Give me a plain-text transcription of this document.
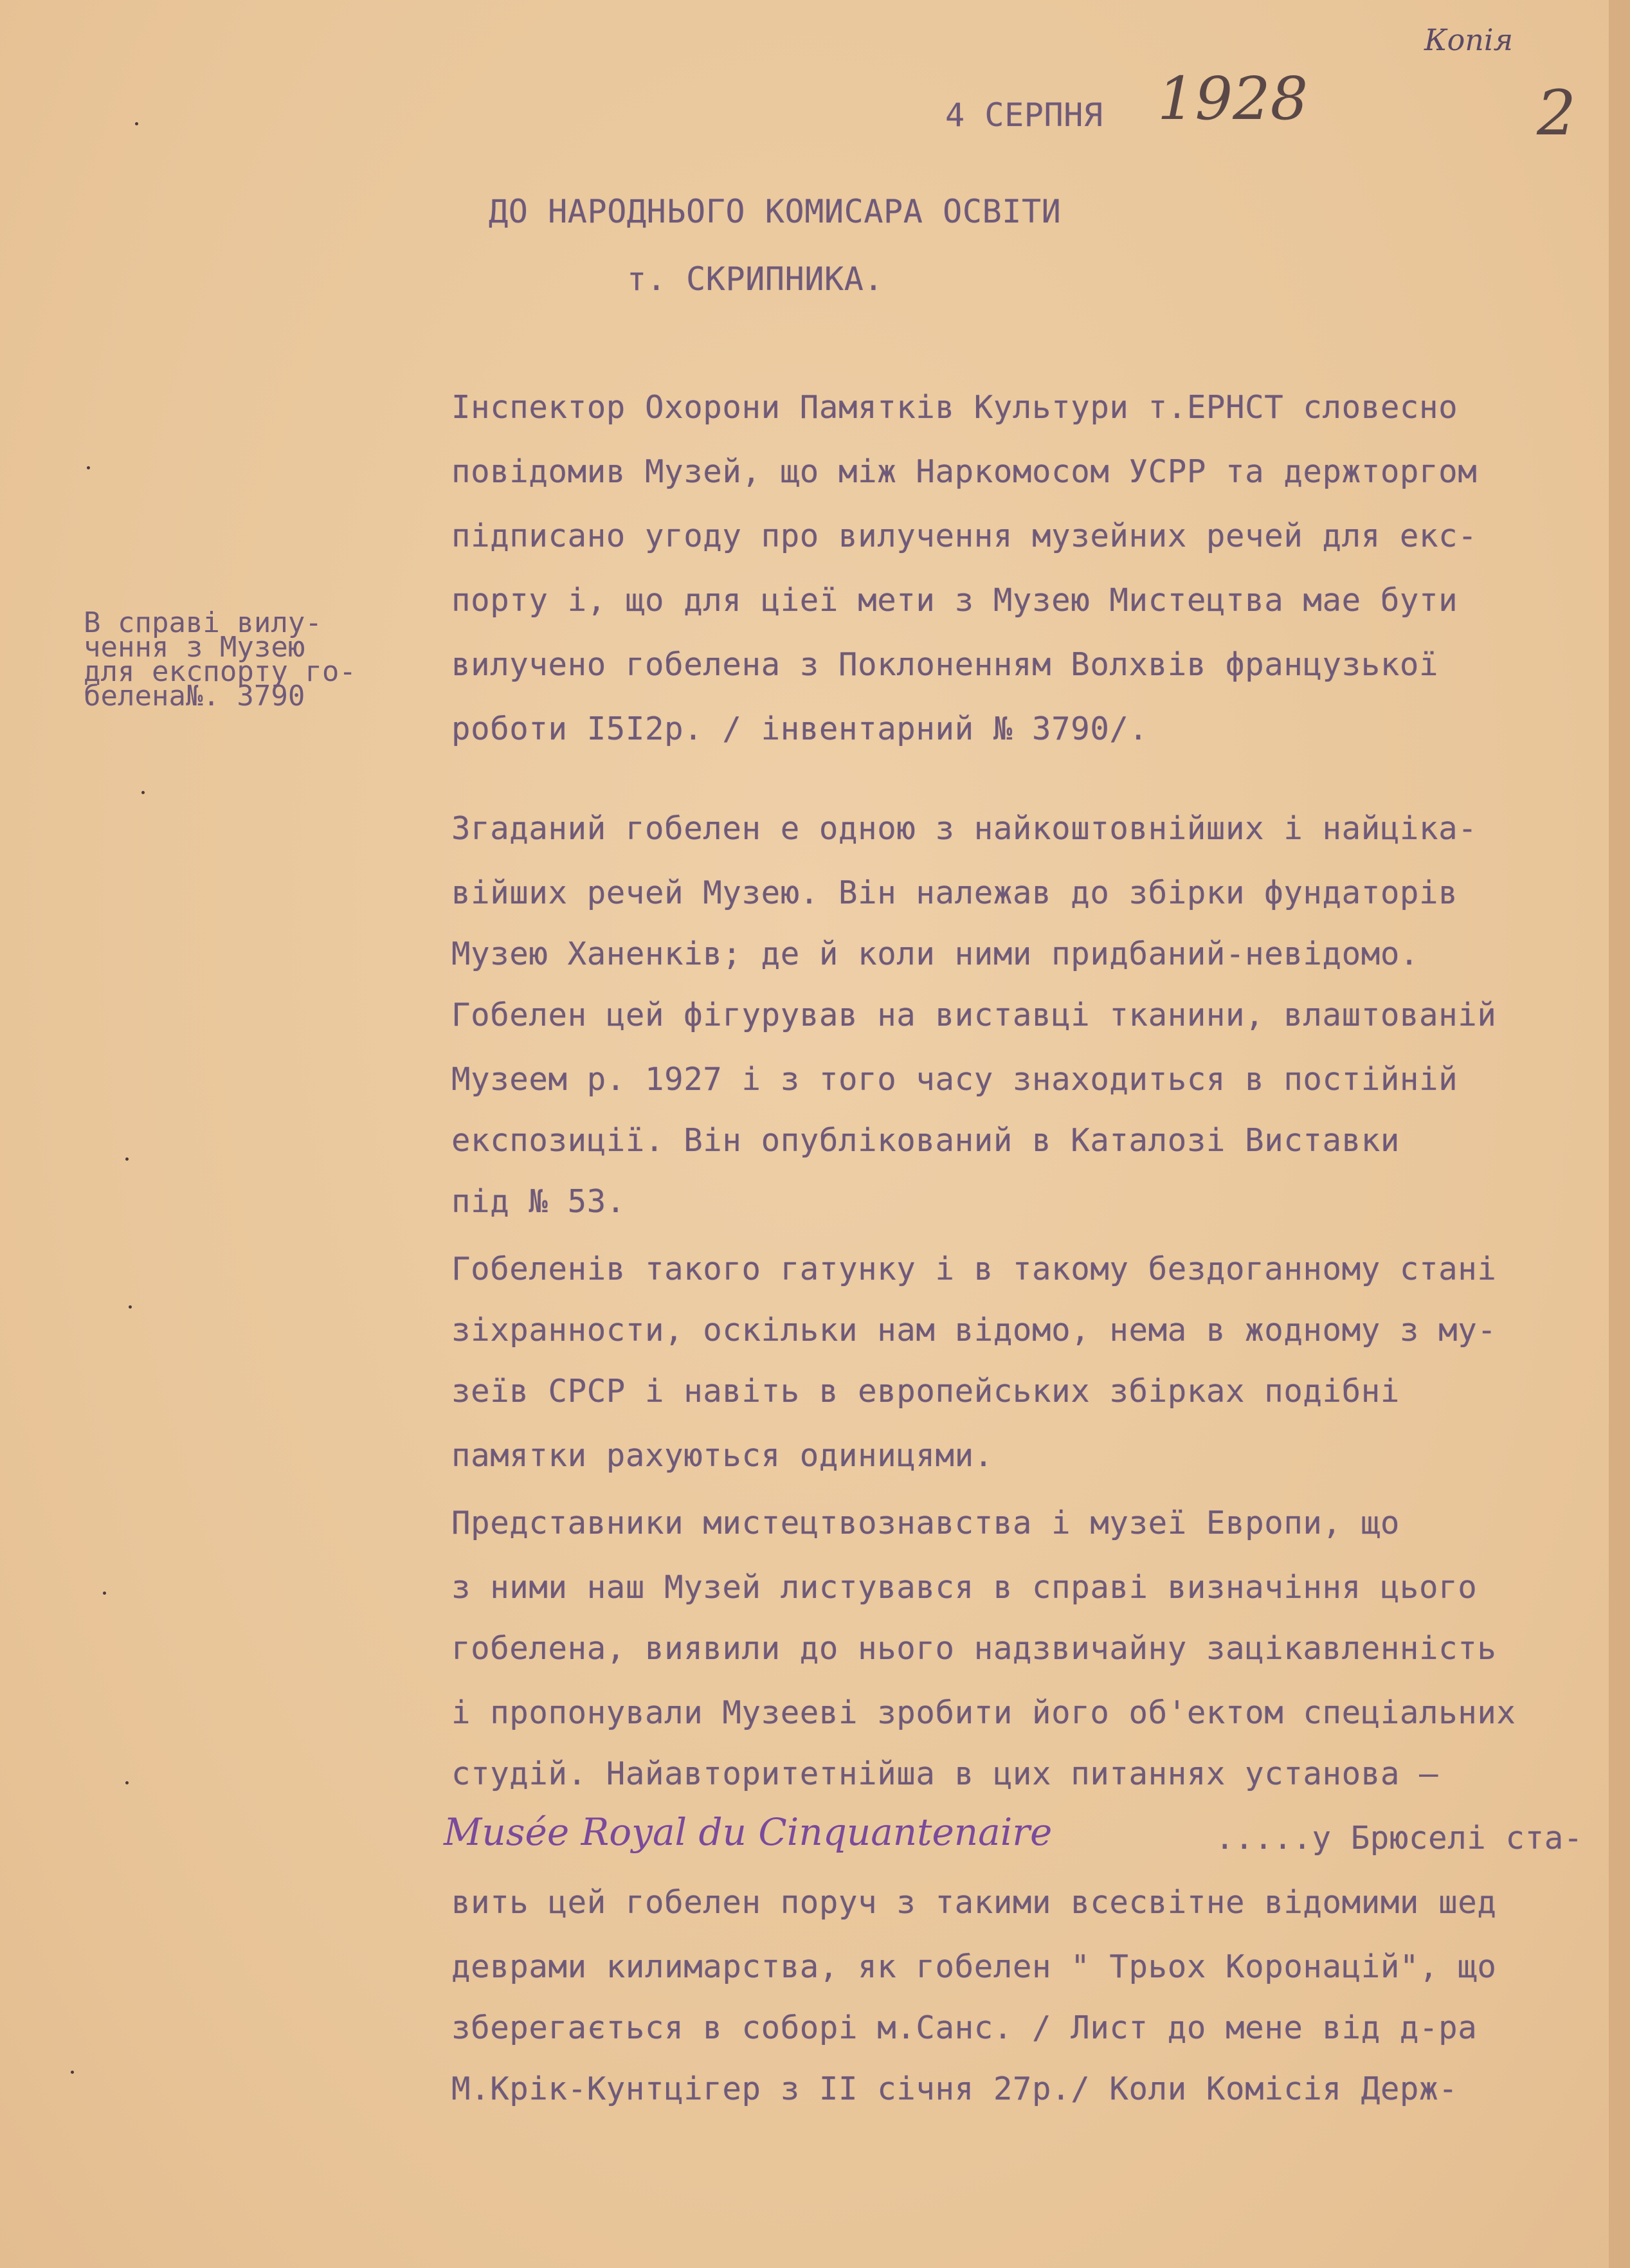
Копія
1928	2
4 СЕРПНЯ
ДО НАРОДНЬОГО КОМИСАРА ОСВІТИ
т. СКРИПНИКА.
В справі вилу-
чення з Музею
для експорту го-
белена№. 3790
Інспектор Охорони Памяткiв Культури т.ЕРНСТ словесно
повiдомив Музей, що мiж Наркомосом УСРР та держторгом
пiдписано угоду про вилучення музейних речей для екс-
порту i, що для цiеї мети з Музею Мистецтва мае бути
вилучено гобелена з Поклоненням Волхвiв французької
роботи I5I2р. / iнвентарний № 3790/.
Згаданий гобелен е одною з найкоштовнiйших i найцiка-
вiйших речей Музею. Вiн належав до збiрки фундаторiв
Музею Ханенкiв; де й коли ними придбаний-невiдомо.
Гобелен цей фiгурував на виставцi тканини, влаштованiй
Музеем р. 1927 i з того часу знаходиться в постiйнiй
експозицiї. Вiн опублiкований в Каталозi Виставки
пiд № 53.
Гобеленiв такого гатунку i в такому бездоганному станi
зiхранности, оскiльки нам вiдомо, нема в жодному з му-
зеїв СРСР i навiть в европейських збiрках подiбнi
памятки рахуються одиницями.
Представники мистецтвознавства i музеї Европи, що
з ними наш Музей листувався в справi визначiння цього
гобелена, виявили до нього надзвичайну зацiкавленнiсть
i пропонували Музеевi зробити його об'ектом спецiальних
студiй. Найавторитетнiйша в цих питаннях установа —
Musée Royal du Cinquantenaire	.....у Брюселi ста-
вить цей гобелен поруч з такими всесвiтне вiдомими шед
деврами килимарства, як гобелен " Трьох Коронацiй", що
зберегається в соборi м.Санс. / Лист до мене вiд д-ра
М.Крiк-Кунтцiгер з II сiчня 27р./ Коли Комiсiя Держ-
